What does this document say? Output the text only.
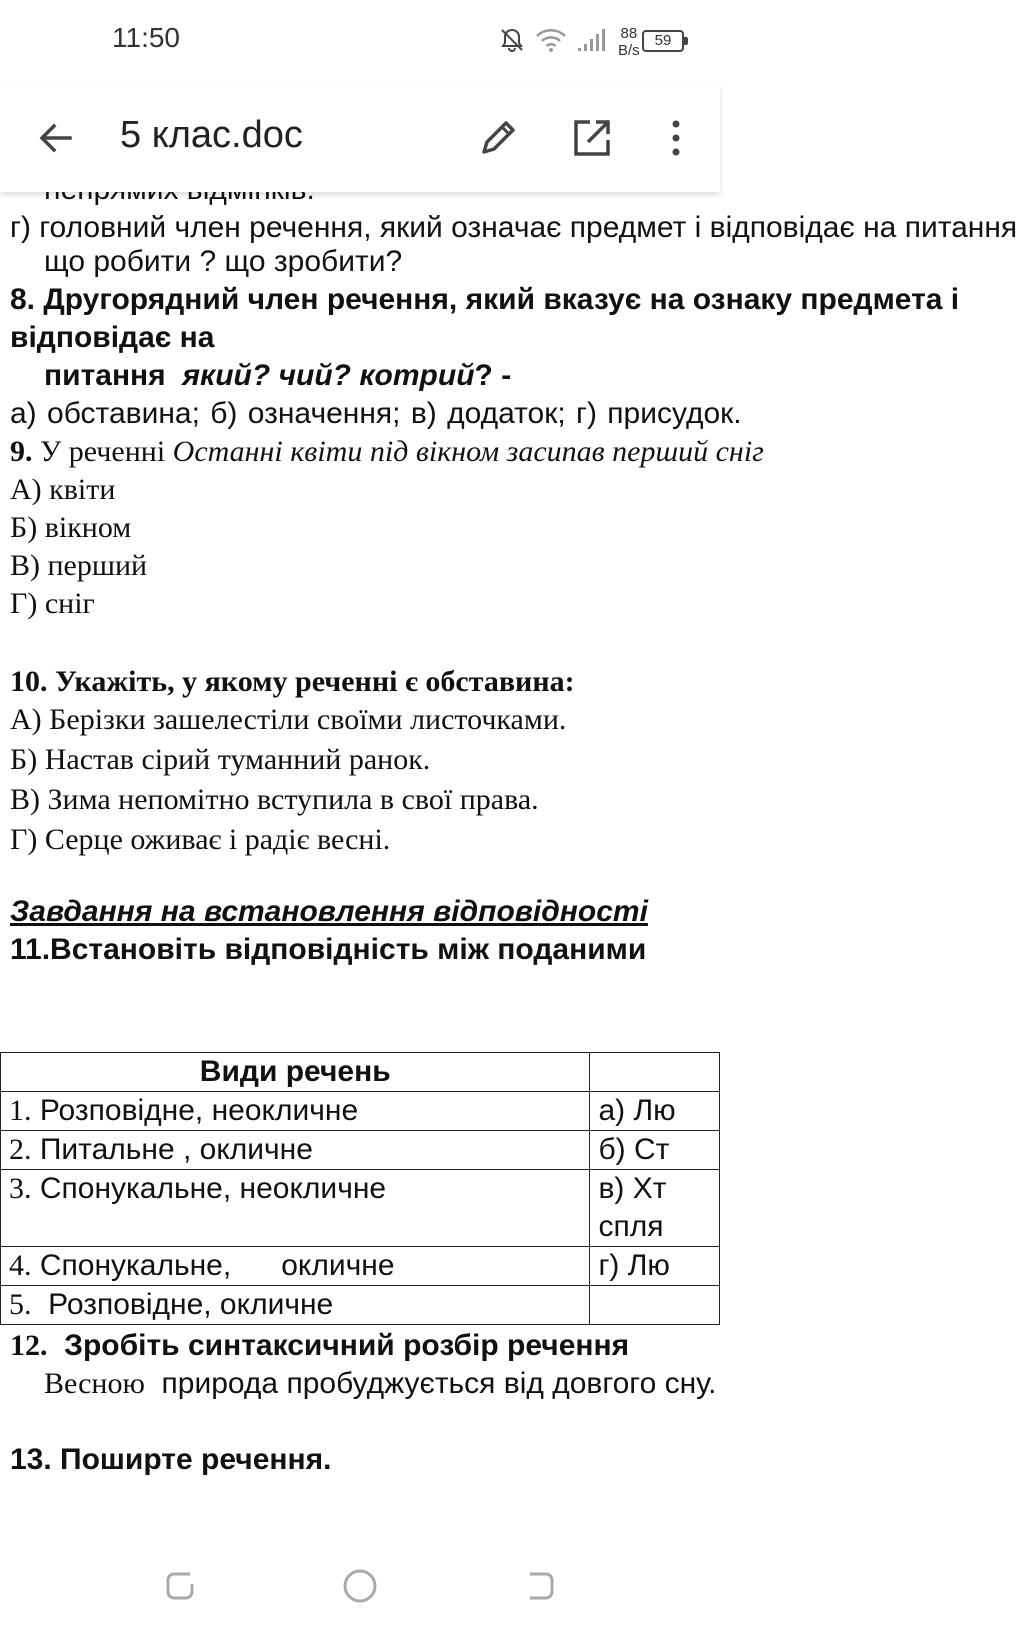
11:50	88
B/s
59
5 клас.doc
г) головний член речення, який означає предмет і відповідає на питання
що робити ? що зробити?
8. Другорядний член речення, який вказує на ознаку предмета і
відповідає на
питання який? чий? котрий? -
а) обставина; б) означення; в) додаток; г) присудок.
9. У реченні Останні квіти під вікном засипав перший сніг
А) квіти
Б) вікном
В) перший
Г) сніг
10. Укажіть, у якому реченні є обставина:
А) Берізки зашелестіли своїми листочками.
Б) Настав сірий туманний ранок.
В) Зима непомітно вступила в свої права.
Г) Серце оживає і радіє весні.
Завдання на встановлення відповідності
11.Встановіть відповідність між поданими
Види речень	
1. Розповідне, неокличне	а) Лю
2. Питальне , окличне	б) Ст
3. Спонукальне, неокличне	в) Хт
спля
4. Спонукальне,      окличне	г) Лю
5.  Розповідне, окличне	
12. Зробіть синтаксичний розбір речення
Весною природа пробуджується від довгого сну.
13. Поширте речення.
